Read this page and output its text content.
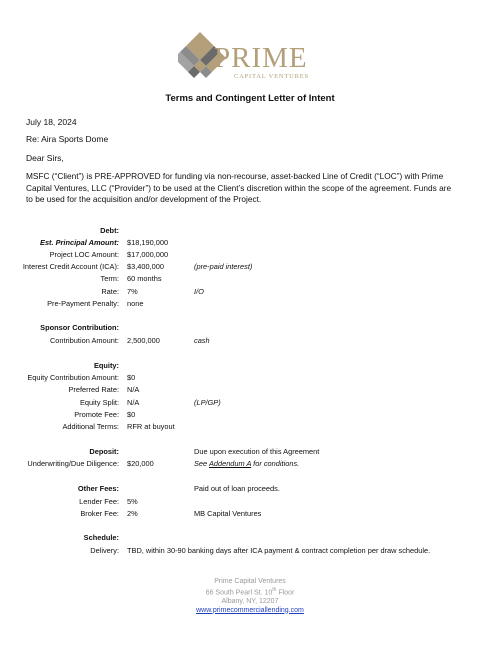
PRIME
CAPITAL VENTURES
Terms and Contingent Letter of Intent
July 18, 2024
Re: Aira Sports Dome
Dear Sirs,
MSFC (“Client”) is PRE-APPROVED for funding via non-recourse, asset-backed Line of Credit (“LOC”) with Prime Capital Ventures, LLC (“Provider”) to be used at the Client’s discretion within the scope of the agreement. Funds are to be used for the acquisition and/or development of the Project.
Debt:
Est. Principal Amount: $18,190,000
Project LOC Amount: $17,000,000
Interest Credit Account (ICA): $3,400,000	(pre-paid interest)
Term: 60 months
Rate: 7%	I/O
Pre-Payment Penalty: none
Sponsor Contribution:
Contribution Amount: 2,500,000	cash
Equity:
Equity Contribution Amount: $0
Preferred Rate: N/A
Equity Split: N/A	(LP/GP)
Promote Fee: $0
Additional Terms: RFR at buyout
Deposit:	Due upon execution of this Agreement
Underwriting/Due Diligence: $20,000	See Addendum A for conditions.
Other Fees:	Paid out of loan proceeds.
Lender Fee: 5%
Broker Fee: 2%	MB Capital Ventures
Schedule:
Delivery: TBD, within 30-90 banking days after ICA payment & contract completion per draw schedule.
Prime Capital Ventures
66 South Pearl St. 10th Floor
Albany, NY, 12207
www.primecommerciallending.com
